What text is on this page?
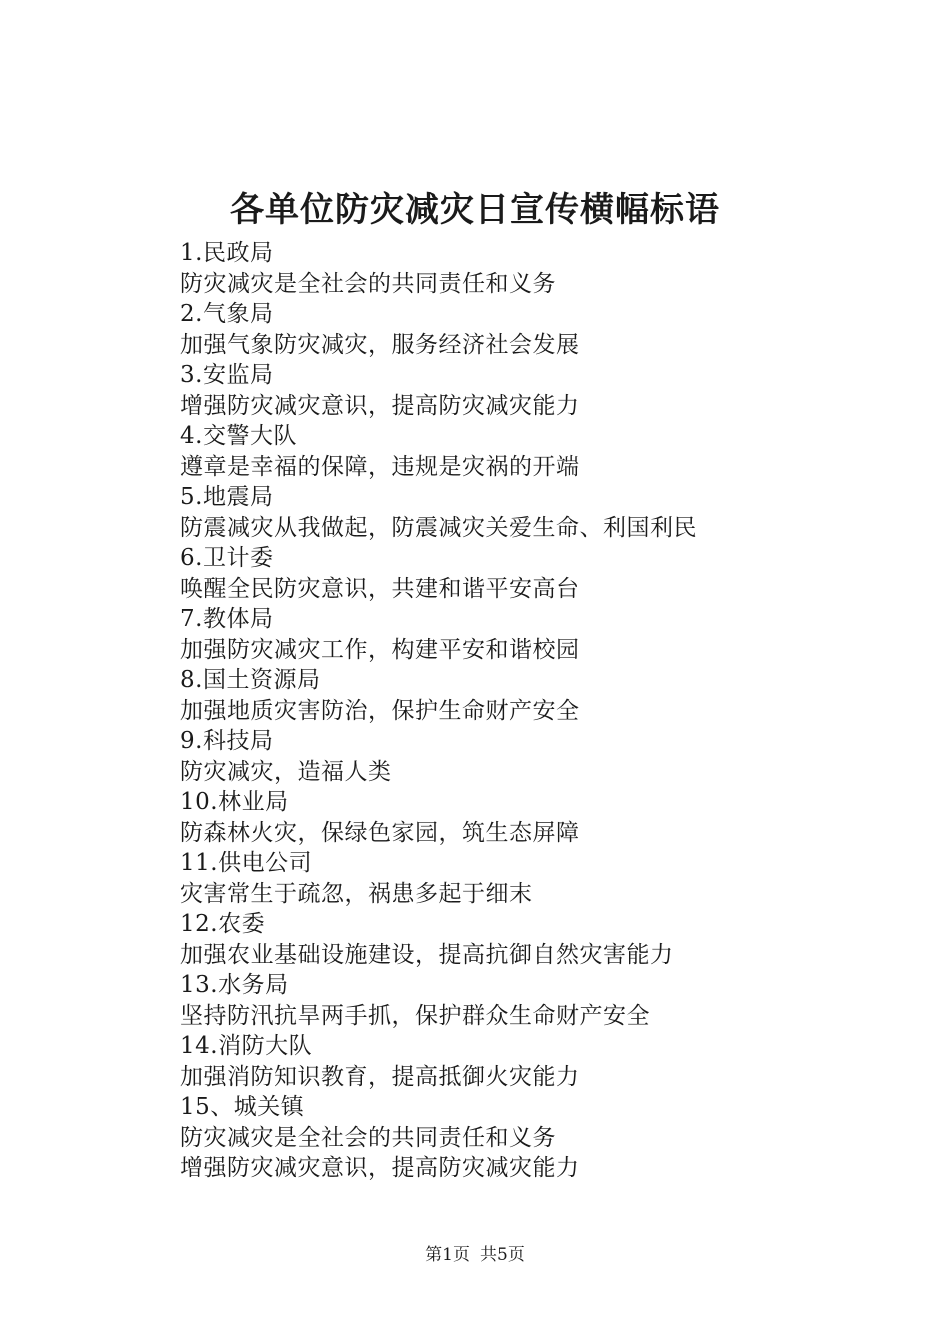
各单位防灾减灾日宣传横幅标语
1.民政局
防灾减灾是全社会的共同责任和义务
2.气象局
加强气象防灾减灾，服务经济社会发展
3.安监局
增强防灾减灾意识，提高防灾减灾能力
4.交警大队
遵章是幸福的保障，违规是灾祸的开端
5.地震局
防震减灾从我做起，防震减灾关爱生命、利国利民
6.卫计委
唤醒全民防灾意识，共建和谐平安高台
7.教体局
加强防灾减灾工作，构建平安和谐校园
8.国土资源局
加强地质灾害防治，保护生命财产安全
9.科技局
防灾减灾，造福人类
10.林业局
防森林火灾，保绿色家园，筑生态屏障
11.供电公司
灾害常生于疏忽，祸患多起于细末
12.农委
加强农业基础设施建设，提高抗御自然灾害能力
13.水务局
坚持防汛抗旱两手抓，保护群众生命财产安全
14.消防大队
加强消防知识教育，提高抵御火灾能力
15、城关镇
防灾减灾是全社会的共同责任和义务
增强防灾减灾意识，提高防灾减灾能力
第1页 共5页
